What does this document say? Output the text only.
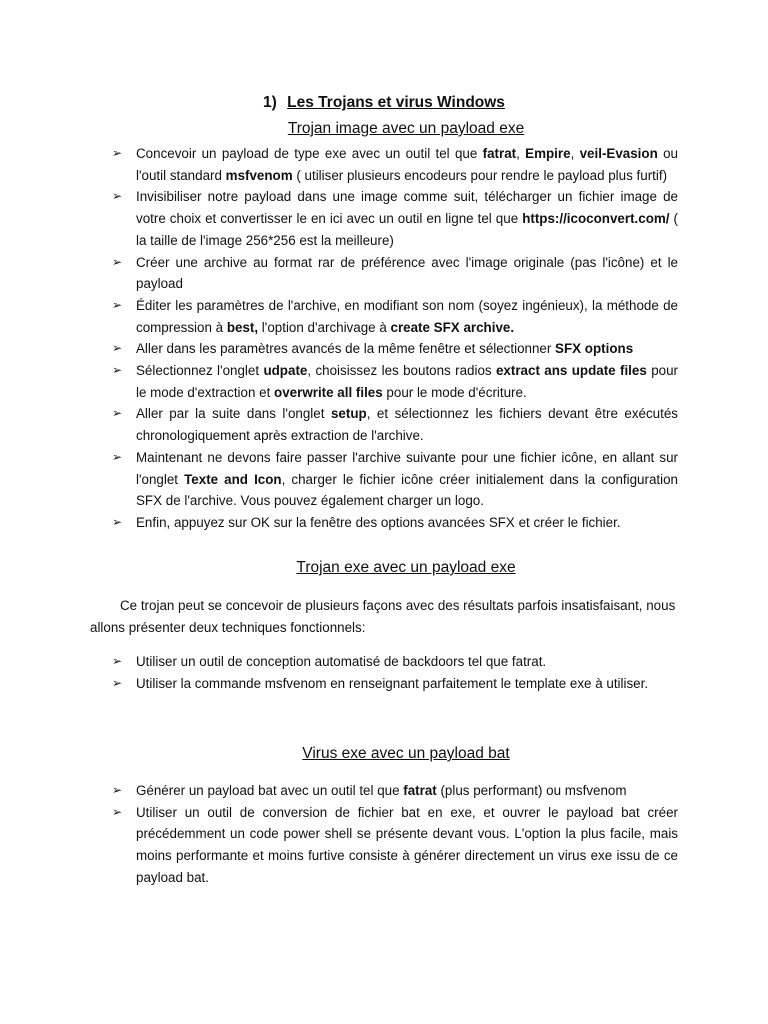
1) Les Trojans et virus Windows
Trojan image avec un payload exe
➢ Concevoir un payload de type exe avec un outil tel que fatrat, Empire, veil-Evasion ou l'outil standard msfvenom ( utiliser plusieurs encodeurs pour rendre le payload plus furtif)
➢ Invisibiliser notre payload dans une image comme suit, télécharger un fichier image de votre choix et convertisser le en ici avec un outil en ligne tel que https://icoconvert.com/ ( la taille de l'image 256*256 est la meilleure)
➢ Créer une archive au format rar de préférence avec l'image originale (pas l'icône) et le payload
➢ Éditer les paramètres de l'archive, en modifiant son nom (soyez ingénieux), la méthode de compression à best, l'option d'archivage à create SFX archive.
➢ Aller dans les paramètres avancés de la même fenêtre et sélectionner SFX options
➢ Sélectionnez l'onglet udpate, choisissez les boutons radios extract ans update files pour le mode d'extraction et overwrite all files pour le mode d'écriture.
➢ Aller par la suite dans l'onglet setup, et sélectionnez les fichiers devant être exécutés chronologiquement après extraction de l'archive.
➢ Maintenant ne devons faire passer l'archive suivante pour une fichier icône, en allant sur l'onglet Texte and Icon, charger le fichier icône créer initialement dans la configuration SFX de l'archive. Vous pouvez également charger un logo.
➢ Enfin, appuyez sur OK sur la fenêtre des options avancées SFX et créer le fichier.
Trojan exe avec un payload exe
Ce trojan peut se concevoir de plusieurs façons avec des résultats parfois insatisfaisant, nous allons présenter deux techniques fonctionnels:
➢ Utiliser un outil de conception automatisé de backdoors tel que fatrat.
➢ Utiliser la commande msfvenom en renseignant parfaitement le template exe à utiliser.
Virus exe avec un payload bat
➢ Générer un payload bat avec un outil tel que fatrat (plus performant) ou msfvenom
➢ Utiliser un outil de conversion de fichier bat en exe, et ouvrer le payload bat créer précédemment un code power shell se présente devant vous. L'option la plus facile, mais moins performante et moins furtive consiste à générer directement un virus exe issu de ce payload bat.
